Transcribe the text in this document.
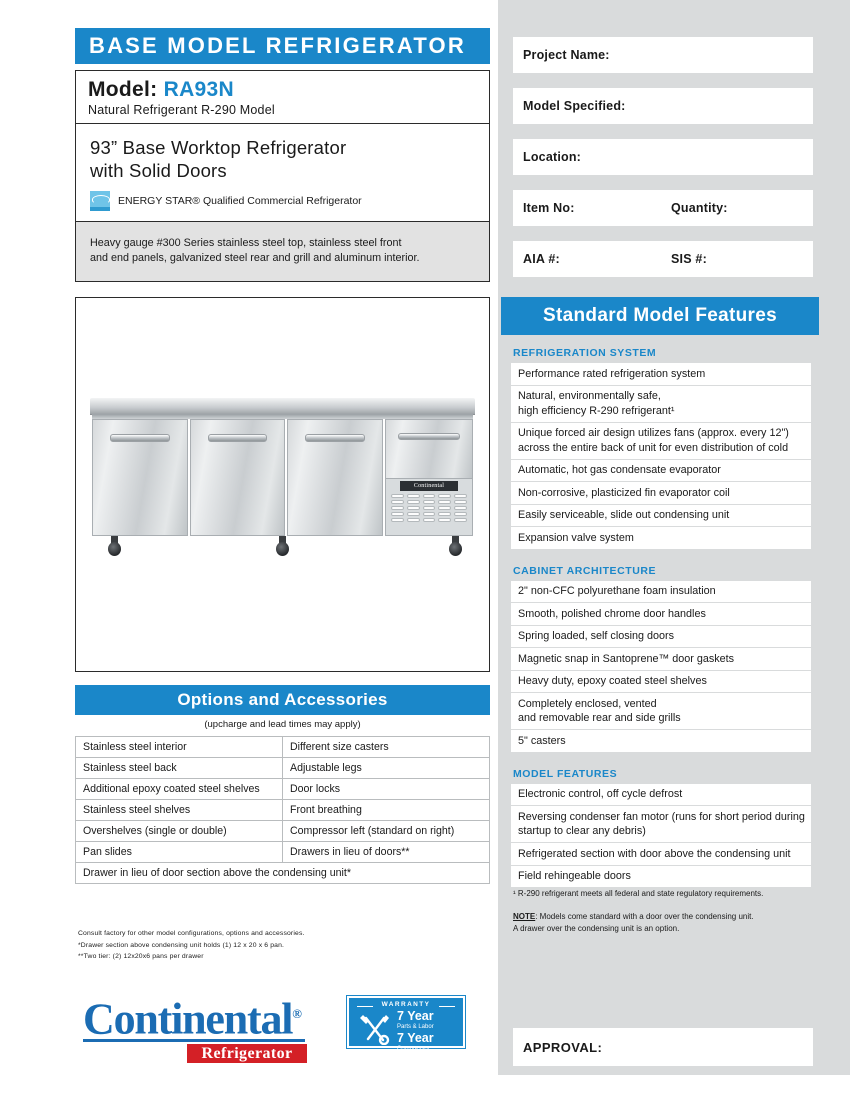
BASE MODEL REFRIGERATOR
Model: RA93N
Natural Refrigerant R-290 Model
93” Base Worktop Refrigerator
with Solid Doors
ENERGY STAR® Qualified Commercial Refrigerator
Heavy gauge #300 Series stainless steel top, stainless steel front
and end panels, galvanized steel rear and grill and aluminum interior.
Continental
Options and Accessories
(upcharge and lead times may apply)
Stainless steel interior	Different size casters
Stainless steel back	Adjustable legs
Additional epoxy coated steel shelves	Door locks
Stainless steel shelves	Front breathing
Overshelves (single or double)	Compressor left (standard on right)
Pan slides	Drawers in lieu of doors**
Drawer in lieu of door section above the condensing unit*	
Consult factory for other model configurations, options and accessories.
*Drawer section above condensing unit holds (1) 12 x 20 x 6 pan.
**Two tier: (2) 12x20x6 pans per drawer
Continental®
Refrigerator
WARRANTY
7 Year
Parts & Labor
7 Year
Compressor
Project Name:
Model Specified:
Location:
Item No:	Quantity:
AIA #:	SIS #:
Standard Model Features
REFRIGERATION SYSTEM
Performance rated refrigeration system
Natural, environmentally safe,
high efficiency R-290 refrigerant¹
Unique forced air design utilizes fans (approx. every 12")
across the entire back of unit for even distribution of cold
Automatic, hot gas condensate evaporator
Non-corrosive, plasticized fin evaporator coil
Easily serviceable, slide out condensing unit
Expansion valve system
CABINET ARCHITECTURE
2" non-CFC polyurethane foam insulation
Smooth, polished chrome door handles
Spring loaded, self closing doors
Magnetic snap in Santoprene™ door gaskets
Heavy duty, epoxy coated steel shelves
Completely enclosed, vented
and removable rear and side grills
5" casters
MODEL FEATURES
Electronic control, off cycle defrost
Reversing condenser fan motor (runs for short period during startup to clear any debris)
Refrigerated section with door above the condensing unit
Field rehingeable doors
¹ R-290 refrigerant meets all federal and state regulatory requirements.
NOTE: Models come standard with a door over the condensing unit.
A drawer over the condensing unit is an option.
APPROVAL:
